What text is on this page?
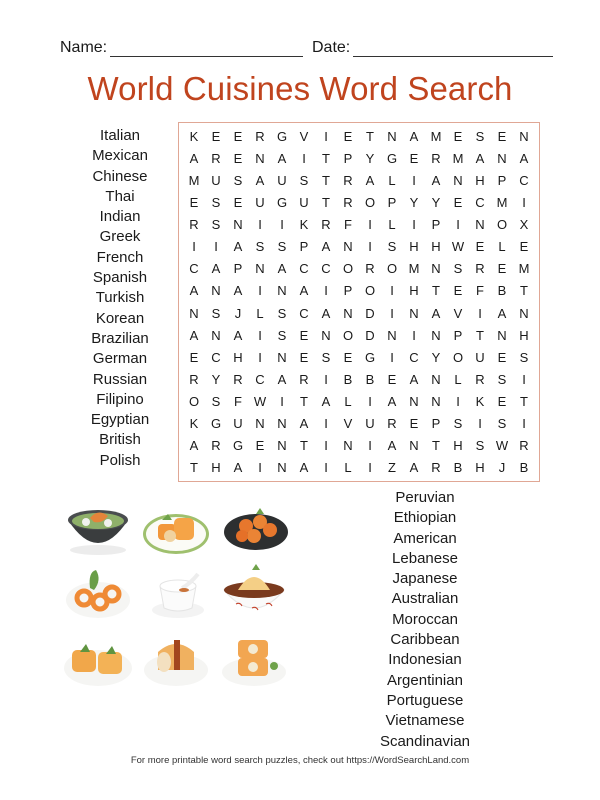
Name:	Date:
World Cuisines Word Search
Italian
Mexican
Chinese
Thai
Indian
Greek
French
Spanish
Turkish
Korean
Brazilian
German
Russian
Filipino
Egyptian
British
Polish
K	E	E R G V	I	E	T	N A M E	S	E N
A R E N A	I	T	P	Y G E R M A N A
M U S	A U S	T	R A	L	I	A N H P C
E	S	E U G U	T	R O P	Y	Y	E C M	I
R S N	I	I	K R	F	I	L	I	P	I	N O X
I	I	A	S	S	P	A N	I	S H H W E	L	E
C A	P N A C C O R O M N S R E M
A N A	I	N A	I	P O	I	H	T	E	F	B	T
N S	J	L	S C A N D	I	N A	V	I	A N
A N A	I	S	E N O D N	I	N P	T	N H
E C H	I	N E	S	E G	I	C Y O U E	S
R Y R C A R	I	B	B	E	A N	L	R S	I
O S	F W	I	T	A	L	I	A N N	I	K	E	T
K G U N N A	I	V U R E	P	S	I	S	I
A R G E N	T	I	N	I	A N	T	H S W R
T	H A	I	N A	I	L	I	Z	A R B H	J	B
Peruvian
Ethiopian
American
Lebanese
Japanese
Australian
Moroccan
Caribbean
Indonesian
Argentinian
Portuguese
Vietnamese
Scandinavian
For more printable word search puzzles, check out https://WordSearchLand.com
